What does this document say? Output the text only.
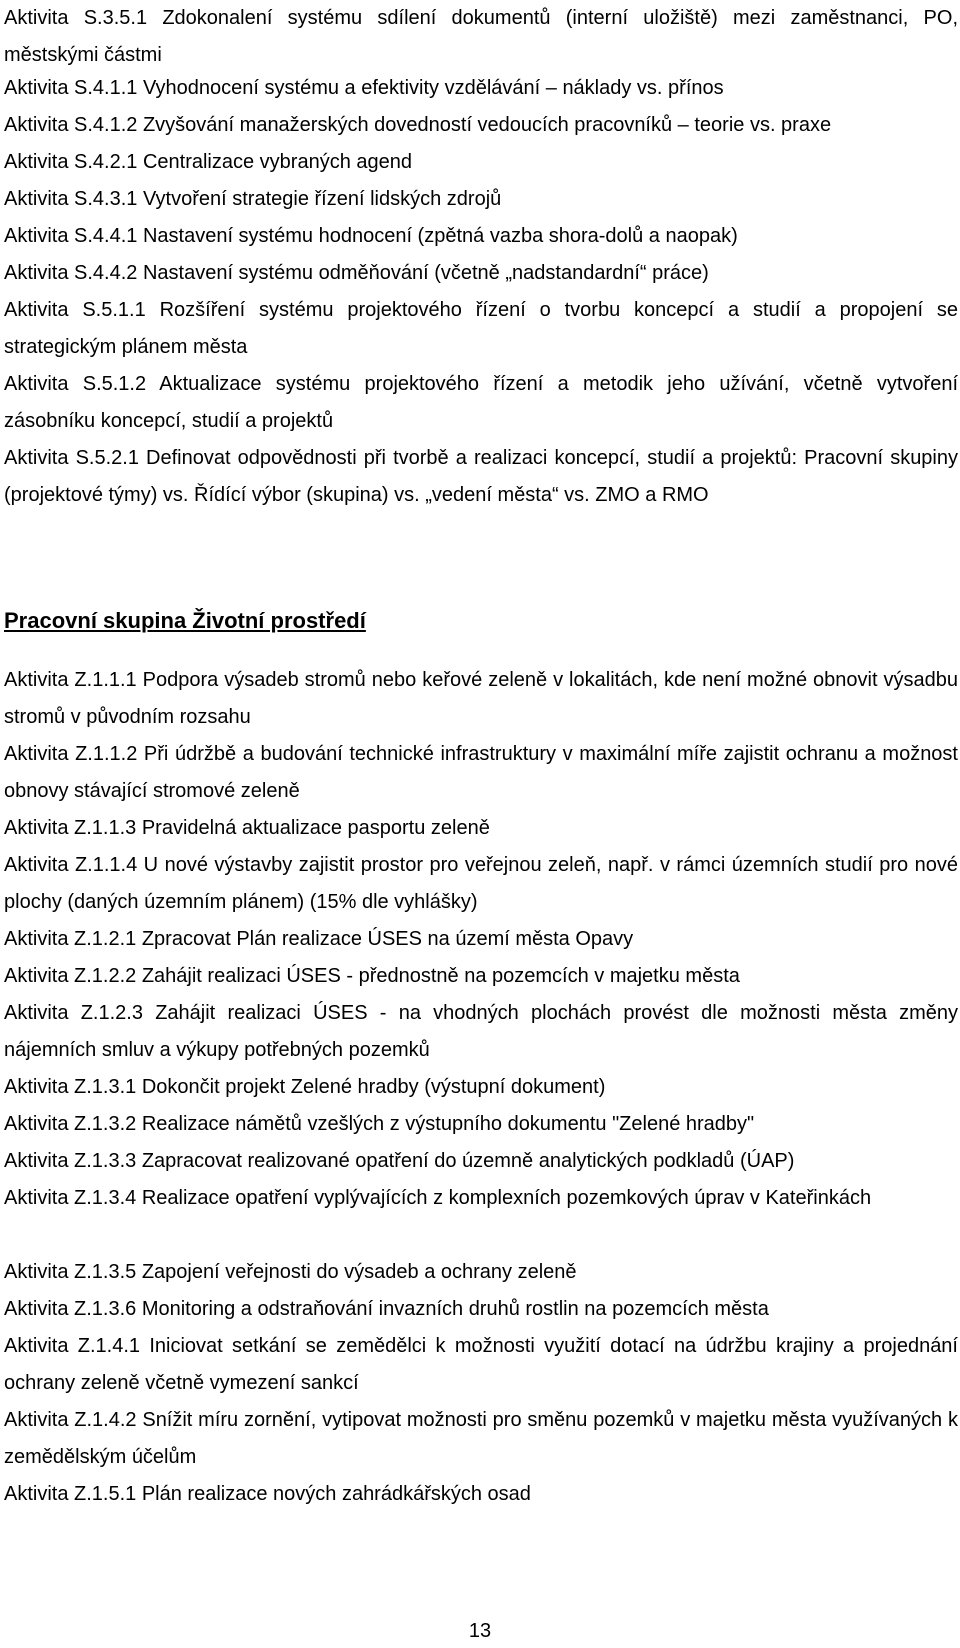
Aktivita S.3.5.1 Zdokonalení systému sdílení dokumentů (interní uložiště) mezi zaměstnanci, PO, městskými částmi

Aktivita S.4.1.1 Vyhodnocení systému a efektivity vzdělávání – náklady vs. přínos

Aktivita S.4.1.2 Zvyšování manažerských dovedností vedoucích pracovníků – teorie vs. praxe

Aktivita S.4.2.1 Centralizace vybraných agend

Aktivita S.4.3.1 Vytvoření strategie řízení lidských zdrojů

Aktivita S.4.4.1 Nastavení systému hodnocení (zpětná vazba shora-dolů a naopak)

Aktivita S.4.4.2 Nastavení systému odměňování (včetně „nadstandardní“ práce)

Aktivita S.5.1.1 Rozšíření systému projektového řízení o tvorbu koncepcí a studií a propojení se strategickým plánem města

Aktivita S.5.1.2 Aktualizace systému projektového řízení a metodik jeho užívání, včetně vytvoření zásobníku koncepcí, studií a projektů

Aktivita S.5.2.1 Definovat odpovědnosti při tvorbě a realizaci koncepcí, studií a projektů: Pracovní skupiny (projektové týmy) vs. Řídící výbor (skupina) vs. „vedení města“ vs. ZMO a RMO

Pracovní skupina Životní prostředí

Aktivita Z.1.1.1 Podpora výsadeb stromů nebo keřové zeleně v lokalitách, kde není možné obnovit výsadbu stromů v původním rozsahu

Aktivita Z.1.1.2 Při údržbě a budování technické infrastruktury v maximální míře zajistit ochranu a možnost obnovy stávající stromové zeleně

Aktivita Z.1.1.3 Pravidelná aktualizace pasportu zeleně

Aktivita Z.1.1.4 U nové výstavby zajistit prostor pro veřejnou zeleň, např. v rámci územních studií pro nové plochy (daných územním plánem) (15% dle vyhlášky)

Aktivita Z.1.2.1 Zpracovat Plán realizace ÚSES na území města Opavy

Aktivita Z.1.2.2 Zahájit realizaci ÚSES - přednostně na pozemcích v majetku města

Aktivita Z.1.2.3 Zahájit realizaci ÚSES - na vhodných plochách provést dle možnosti města změny nájemních smluv a výkupy potřebných pozemků

Aktivita Z.1.3.1 Dokončit projekt Zelené hradby (výstupní dokument)

Aktivita Z.1.3.2 Realizace námětů vzešlých z výstupního dokumentu "Zelené hradby"

Aktivita Z.1.3.3 Zapracovat realizované opatření do územně analytických podkladů (ÚAP)

Aktivita Z.1.3.4 Realizace opatření vyplývajících z komplexních pozemkových úprav v Kateřinkách

Aktivita Z.1.3.5 Zapojení veřejnosti do výsadeb a ochrany zeleně

Aktivita Z.1.3.6 Monitoring a odstraňování invazních druhů rostlin na pozemcích města

Aktivita Z.1.4.1 Iniciovat setkání se zemědělci k možnosti využití dotací na údržbu krajiny a projednání ochrany zeleně včetně vymezení sankcí

Aktivita Z.1.4.2 Snížit míru zornění, vytipovat možnosti pro směnu pozemků v majetku města využívaných k zemědělským účelům

Aktivita Z.1.5.1 Plán realizace nových zahrádkářských osad

13
